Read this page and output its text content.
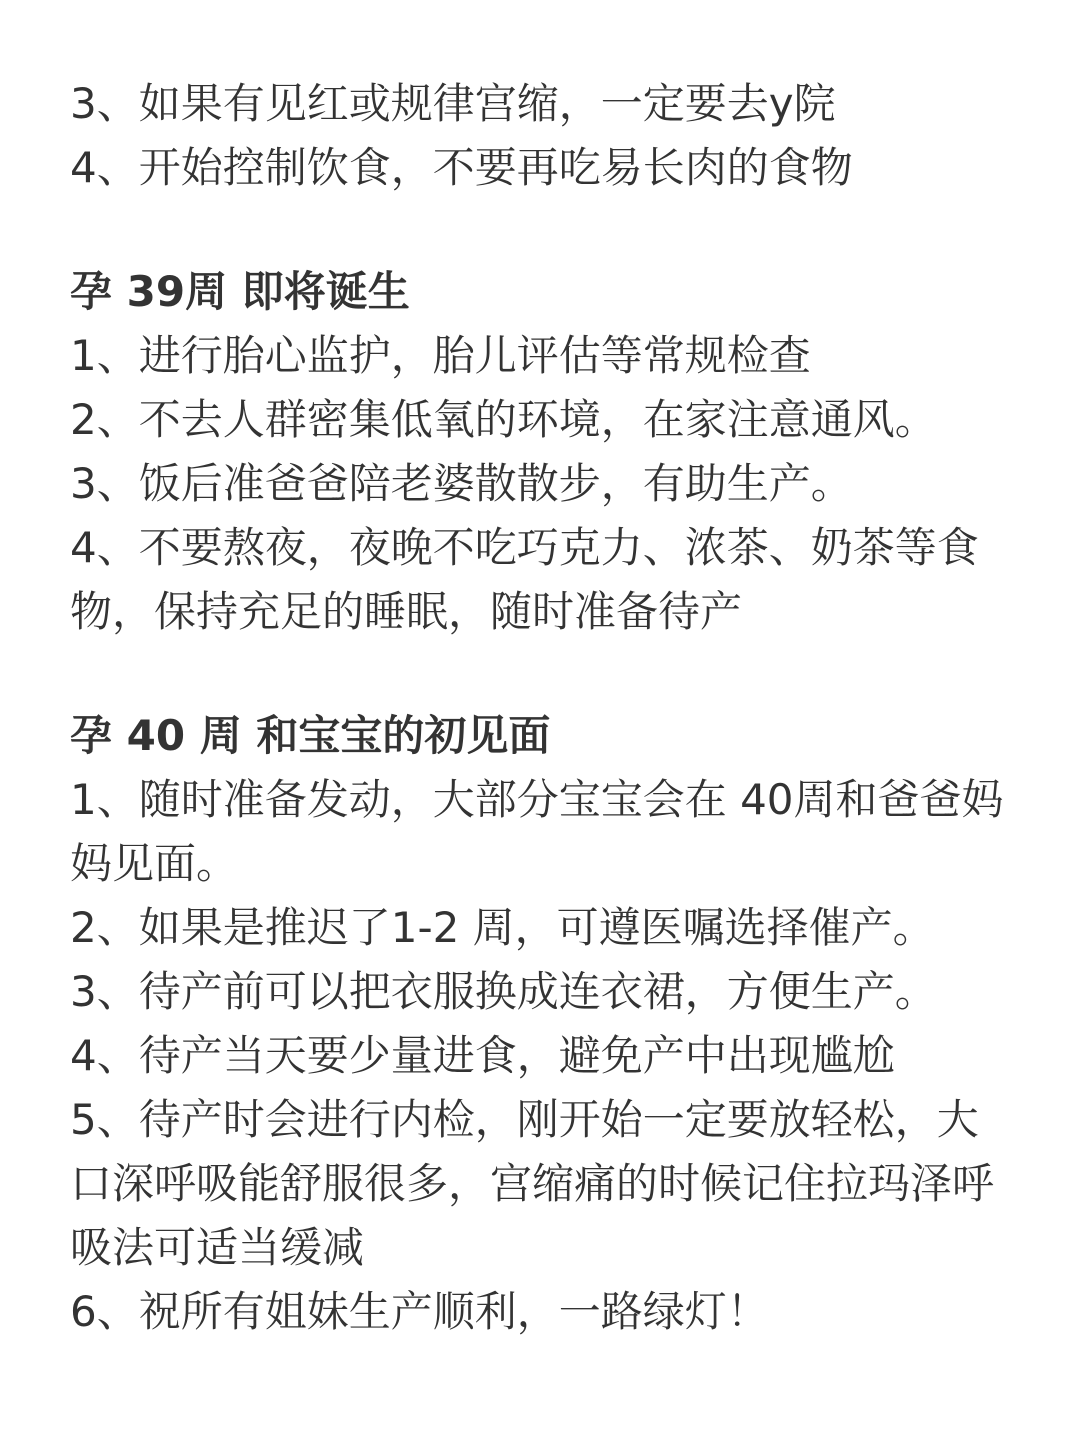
3、如果有见红或规律宫缩，一定要去y院

4、开始控制饮食，不要再吃易长肉的食物

孕 39周 即将诞生

1、进行胎心监护，胎儿评估等常规检查

2、不去人群密集低氧的环境，在家注意通风。

3、饭后准爸爸陪老婆散散步，有助生产。

4、不要熬夜，夜晚不吃巧克力、浓茶、奶茶等食物，保持充足的睡眠，随时准备待产

孕 40 周 和宝宝的初见面

1、随时准备发动，大部分宝宝会在 40周和爸爸妈妈见面。

2、如果是推迟了1-2 周，可遵医嘱选择催产。

3、待产前可以把衣服换成连衣裙，方便生产。

4、待产当天要少量进食，避免产中出现尴尬

5、待产时会进行内检，刚开始一定要放轻松，大口深呼吸能舒服很多，宫缩痛的时候记住拉玛泽呼吸法可适当缓减

6、祝所有姐妹生产顺利，一路绿灯！
